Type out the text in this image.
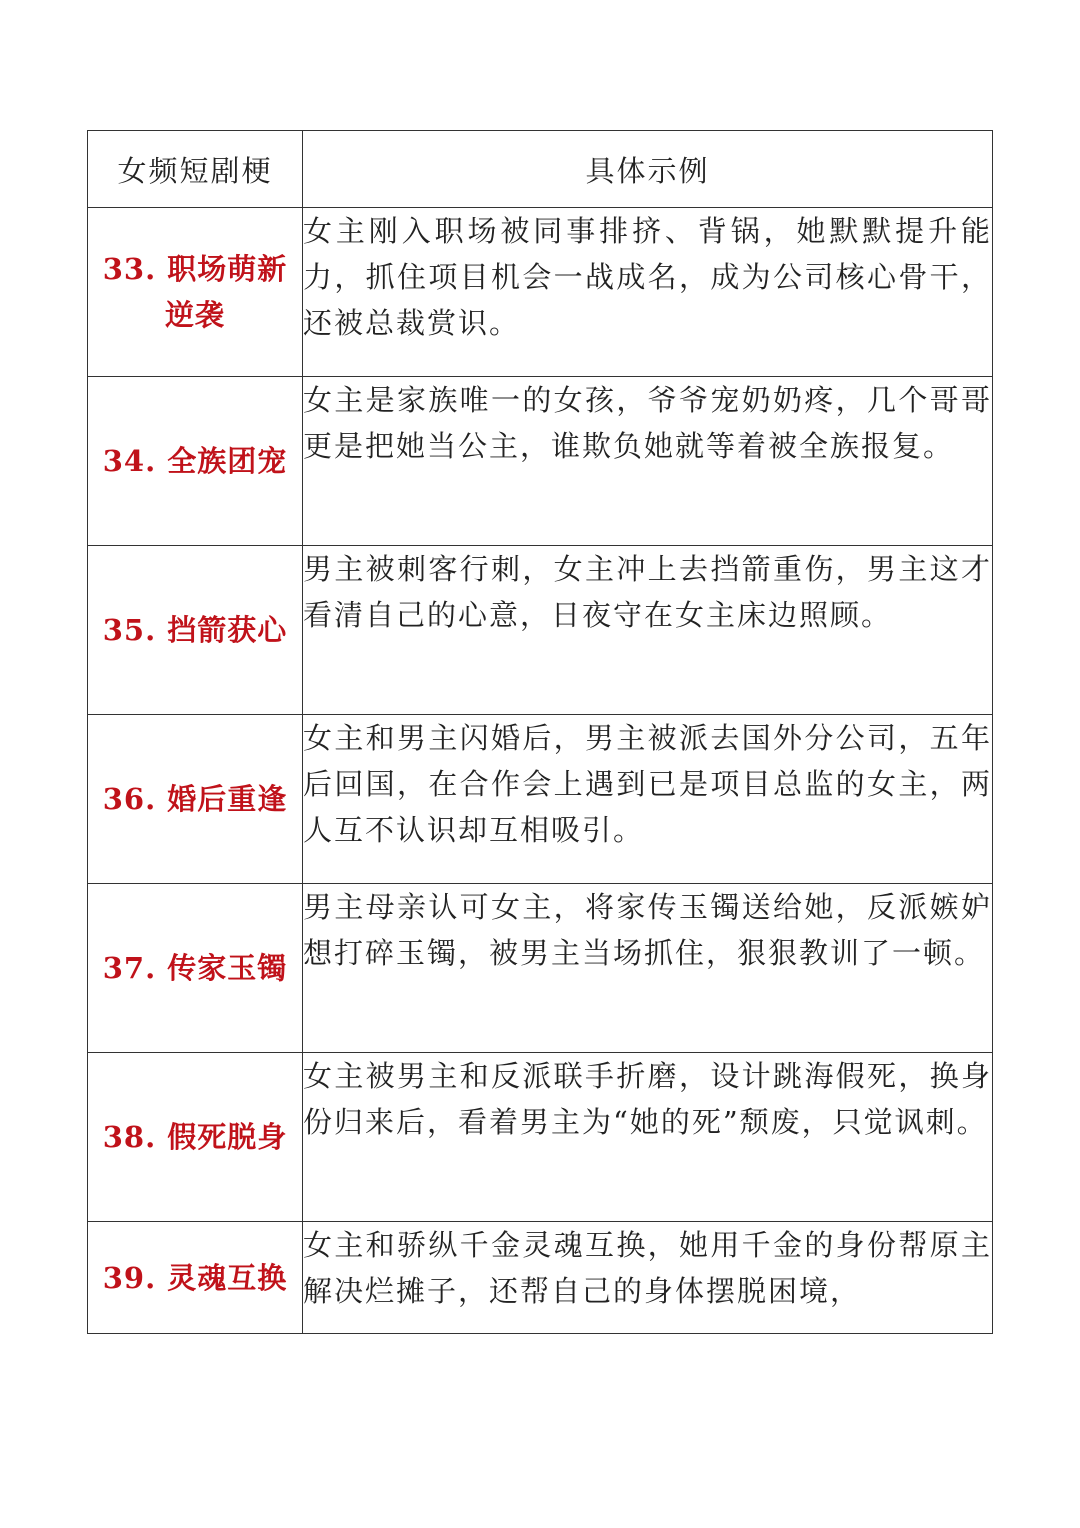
女频短剧梗	具体示例
33. 职场萌新逆袭	女主刚入职场被同事排挤、背锅，她默默提升能力，抓住项目机会一战成名，成为公司核心骨干，还被总裁赏识。
34. 全族团宠	女主是家族唯一的女孩，爷爷宠奶奶疼，几个哥哥更是把她当公主，谁欺负她就等着被全族报复。
35. 挡箭获心	男主被刺客行刺，女主冲上去挡箭重伤，男主这才看清自己的心意，日夜守在女主床边照顾。
36. 婚后重逢	女主和男主闪婚后，男主被派去国外分公司，五年后回国，在合作会上遇到已是项目总监的女主，两人互不认识却互相吸引。
37. 传家玉镯	男主母亲认可女主，将家传玉镯送给她，反派嫉妒想打碎玉镯，被男主当场抓住，狠狠教训了一顿。
38. 假死脱身	女主被男主和反派联手折磨，设计跳海假死，换身份归来后，看着男主为“她的死”颓废，只觉讽刺。
39. 灵魂互换	女主和骄纵千金灵魂互换，她用千金的身份帮原主解决烂摊子，还帮自己的身体摆脱困境，
